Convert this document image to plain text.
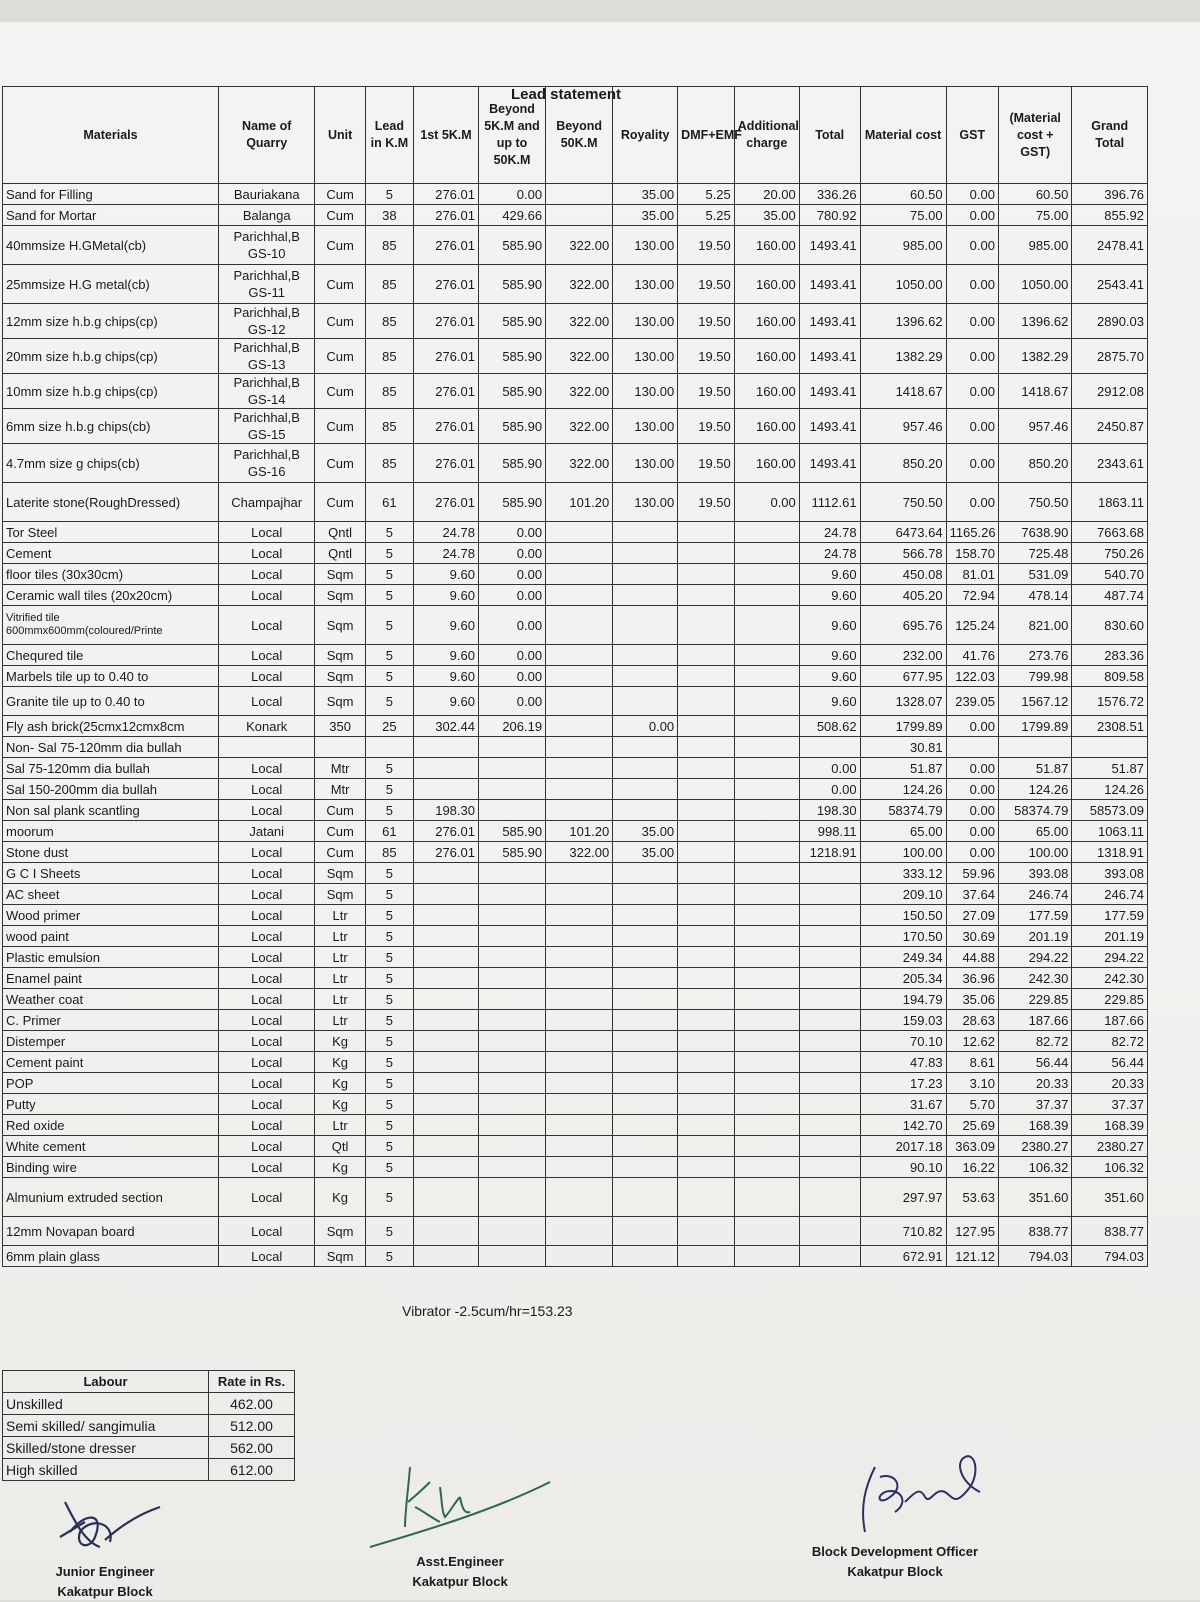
Lead statement
Materials	Name of Quarry	Unit	Lead in K.M	1st 5K.M	Beyond 5K.M and up to 50K.M	Beyond 50K.M	Royality	DMF+EMF	Additional charge	Total	Material cost	GST	(Material cost + GST)	Grand Total
Sand for Filling	Bauriakana	Cum	5	276.01	0.00		35.00	5.25	20.00	336.26	60.50	0.00	60.50	396.76
Sand for Mortar	Balanga	Cum	38	276.01	429.66		35.00	5.25	35.00	780.92	75.00	0.00	75.00	855.92
40mmsize H.GMetal(cb)	Parichhal,B GS-10	Cum	85	276.01	585.90	322.00	130.00	19.50	160.00	1493.41	985.00	0.00	985.00	2478.41
25mmsize H.G metal(cb)	Parichhal,B GS-11	Cum	85	276.01	585.90	322.00	130.00	19.50	160.00	1493.41	1050.00	0.00	1050.00	2543.41
12mm size h.b.g chips(cp)	Parichhal,B GS-12	Cum	85	276.01	585.90	322.00	130.00	19.50	160.00	1493.41	1396.62	0.00	1396.62	2890.03
20mm size h.b.g chips(cp)	Parichhal,B GS-13	Cum	85	276.01	585.90	322.00	130.00	19.50	160.00	1493.41	1382.29	0.00	1382.29	2875.70
10mm size h.b.g chips(cp)	Parichhal,B GS-14	Cum	85	276.01	585.90	322.00	130.00	19.50	160.00	1493.41	1418.67	0.00	1418.67	2912.08
6mm size h.b.g chips(cb)	Parichhal,B GS-15	Cum	85	276.01	585.90	322.00	130.00	19.50	160.00	1493.41	957.46	0.00	957.46	2450.87
4.7mm size g chips(cb)	Parichhal,B GS-16	Cum	85	276.01	585.90	322.00	130.00	19.50	160.00	1493.41	850.20	0.00	850.20	2343.61
Laterite stone(RoughDressed)	Champajhar	Cum	61	276.01	585.90	101.20	130.00	19.50	0.00	1112.61	750.50	0.00	750.50	1863.11
Tor Steel	Local	Qntl	5	24.78	0.00					24.78	6473.64	1165.26	7638.90	7663.68
Cement	Local	Qntl	5	24.78	0.00					24.78	566.78	158.70	725.48	750.26
floor tiles (30x30cm)	Local	Sqm	5	9.60	0.00					9.60	450.08	81.01	531.09	540.70
Ceramic wall tiles (20x20cm)	Local	Sqm	5	9.60	0.00					9.60	405.20	72.94	478.14	487.74
Vitrified tile 600mmx600mm(coloured/Printe	Local	Sqm	5	9.60	0.00					9.60	695.76	125.24	821.00	830.60
Chequred tile	Local	Sqm	5	9.60	0.00					9.60	232.00	41.76	273.76	283.36
Marbels tile up to 0.40 to	Local	Sqm	5	9.60	0.00					9.60	677.95	122.03	799.98	809.58
Granite tile up to 0.40 to	Local	Sqm	5	9.60	0.00					9.60	1328.07	239.05	1567.12	1576.72
Fly ash brick(25cmx12cmx8cm	Konark	350	25	302.44	206.19		0.00			508.62	1799.89	0.00	1799.89	2308.51
Non- Sal 75-120mm dia bullah											30.81			
Sal 75-120mm dia bullah	Local	Mtr	5							0.00	51.87	0.00	51.87	51.87
Sal 150-200mm dia bullah	Local	Mtr	5							0.00	124.26	0.00	124.26	124.26
Non sal plank scantling	Local	Cum	5	198.30						198.30	58374.79	0.00	58374.79	58573.09
moorum	Jatani	Cum	61	276.01	585.90	101.20	35.00			998.11	65.00	0.00	65.00	1063.11
Stone dust	Local	Cum	85	276.01	585.90	322.00	35.00			1218.91	100.00	0.00	100.00	1318.91
G C I Sheets	Local	Sqm	5								333.12	59.96	393.08	393.08
AC sheet	Local	Sqm	5								209.10	37.64	246.74	246.74
Wood primer	Local	Ltr	5								150.50	27.09	177.59	177.59
wood paint	Local	Ltr	5								170.50	30.69	201.19	201.19
Plastic emulsion	Local	Ltr	5								249.34	44.88	294.22	294.22
Enamel paint	Local	Ltr	5								205.34	36.96	242.30	242.30
Weather coat	Local	Ltr	5								194.79	35.06	229.85	229.85
C. Primer	Local	Ltr	5								159.03	28.63	187.66	187.66
Distemper	Local	Kg	5								70.10	12.62	82.72	82.72
Cement paint	Local	Kg	5								47.83	8.61	56.44	56.44
POP	Local	Kg	5								17.23	3.10	20.33	20.33
Putty	Local	Kg	5								31.67	5.70	37.37	37.37
Red oxide	Local	Ltr	5								142.70	25.69	168.39	168.39
White cement	Local	Qtl	5								2017.18	363.09	2380.27	2380.27
Binding wire	Local	Kg	5								90.10	16.22	106.32	106.32
Almunium extruded section	Local	Kg	5								297.97	53.63	351.60	351.60
12mm Novapan board	Local	Sqm	5								710.82	127.95	838.77	838.77
6mm plain glass	Local	Sqm	5								672.91	121.12	794.03	794.03
Vibrator -2.5cum/hr=153.23
Labour	Rate in Rs.
Unskilled	462.00
Semi skilled/ sangimulia	512.00
Skilled/stone dresser	562.00
High skilled	612.00
Junior Engineer
Kakatpur Block
Asst.Engineer
Kakatpur Block
Block Development Officer
Kakatpur Block
